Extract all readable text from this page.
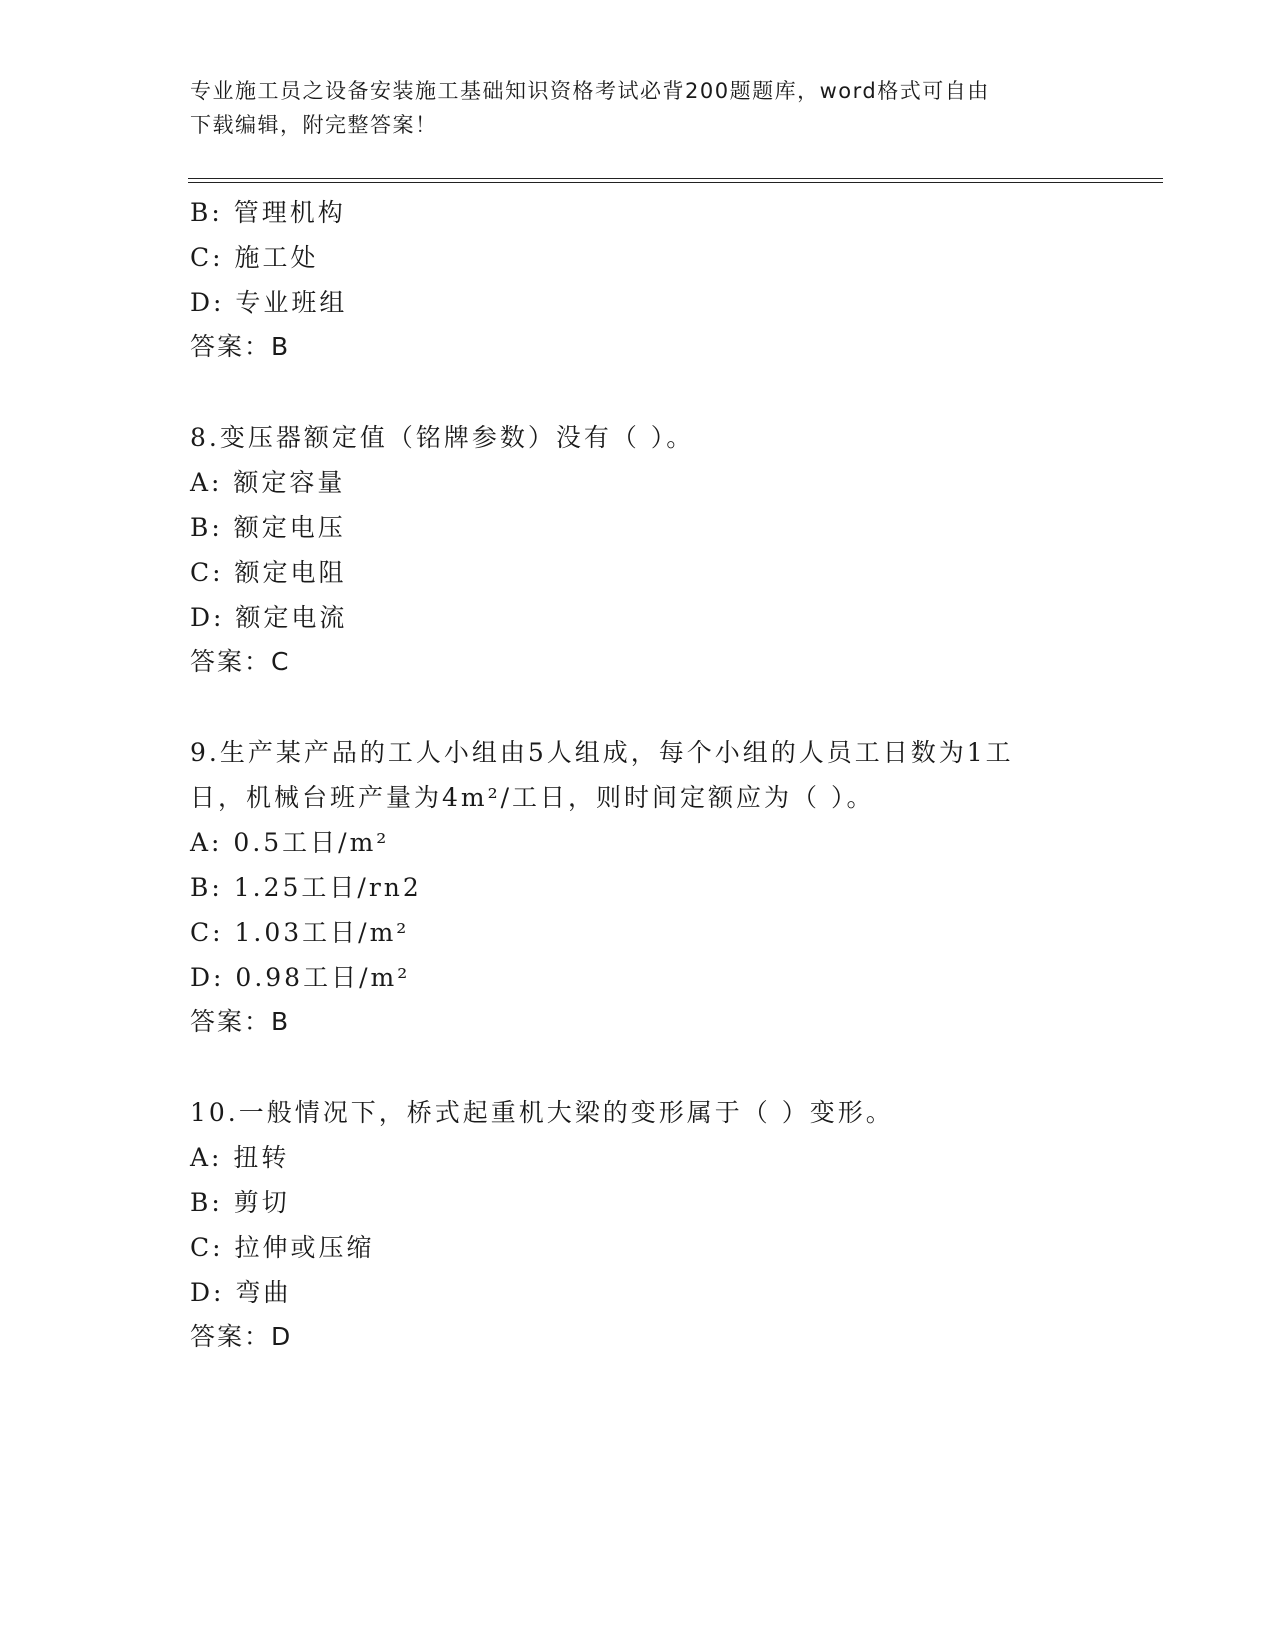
专业施工员之设备安装施工基础知识资格考试必背200题题库，word格式可自由
下载编辑，附完整答案！
B: 管理机构
C: 施工处
D: 专业班组
答案：B
8.变压器额定值（铭牌参数）没有（ ）。
A: 额定容量
B: 额定电压
C: 额定电阻
D: 额定电流
答案：C
9.生产某产品的工人小组由5人组成，每个小组的人员工日数为1工
日，机械台班产量为4m²/工日，则时间定额应为（ ）。
A: 0.5工日/m²
B: 1.25工日/rn2
C: 1.03工日/m²
D: 0.98工日/m²
答案：B
10.一般情况下，桥式起重机大梁的变形属于（ ）变形。
A: 扭转
B: 剪切
C: 拉伸或压缩
D: 弯曲
答案：D
